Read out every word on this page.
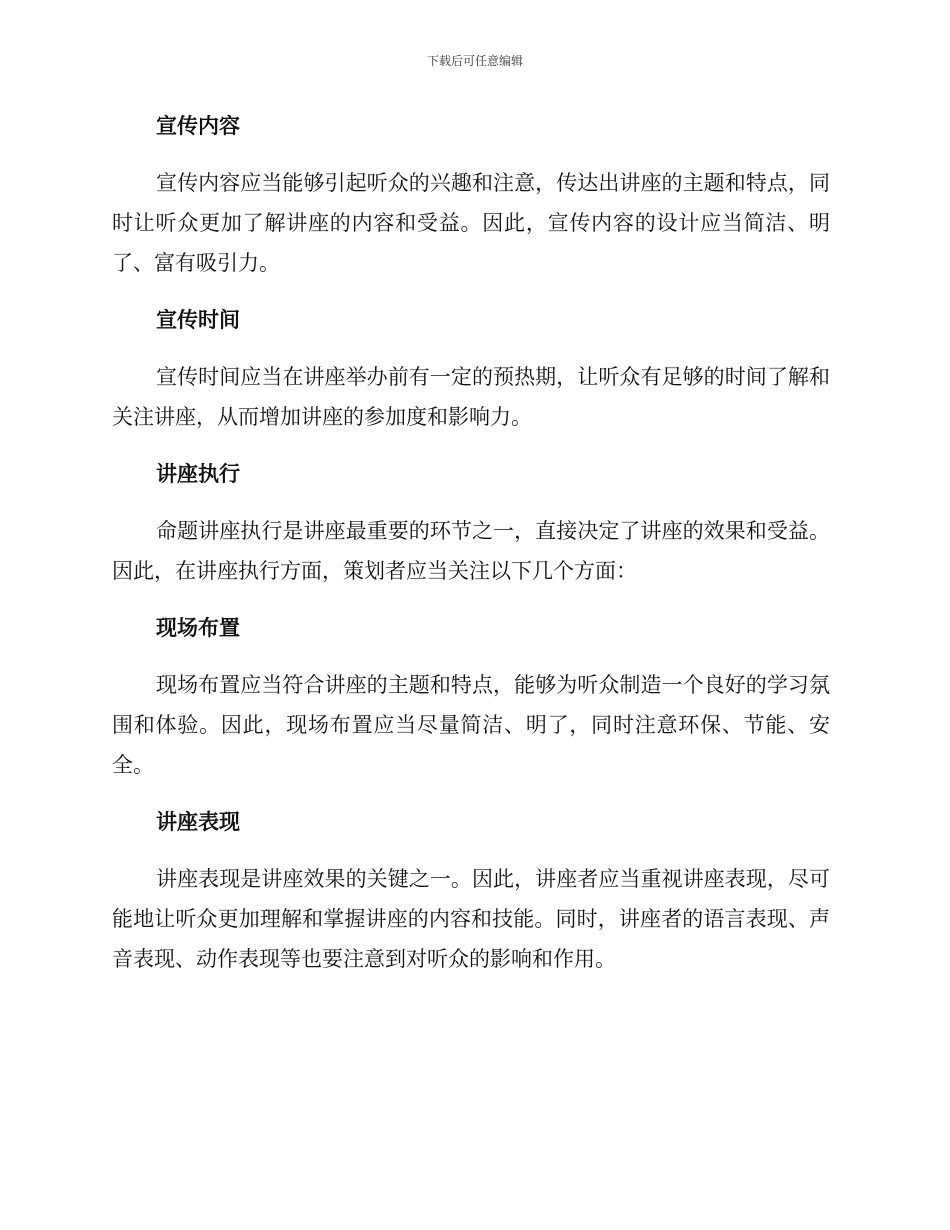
下载后可任意编辑
宣传内容

宣传内容应当能够引起听众的兴趣和注意，传达出讲座的主题和特点，同时让听众更加了解讲座的内容和受益。因此，宣传内容的设计应当简洁、明了、富有吸引力。

宣传时间

宣传时间应当在讲座举办前有一定的预热期，让听众有足够的时间了解和关注讲座，从而增加讲座的参加度和影响力。

讲座执行

命题讲座执行是讲座最重要的环节之一，直接决定了讲座的效果和受益。因此，在讲座执行方面，策划者应当关注以下几个方面：

现场布置

现场布置应当符合讲座的主题和特点，能够为听众制造一个良好的学习氛围和体验。因此，现场布置应当尽量简洁、明了，同时注意环保、节能、安全。

讲座表现

讲座表现是讲座效果的关键之一。因此，讲座者应当重视讲座表现，尽可能地让听众更加理解和掌握讲座的内容和技能。同时，讲座者的语言表现、声音表现、动作表现等也要注意到对听众的影响和作用。
